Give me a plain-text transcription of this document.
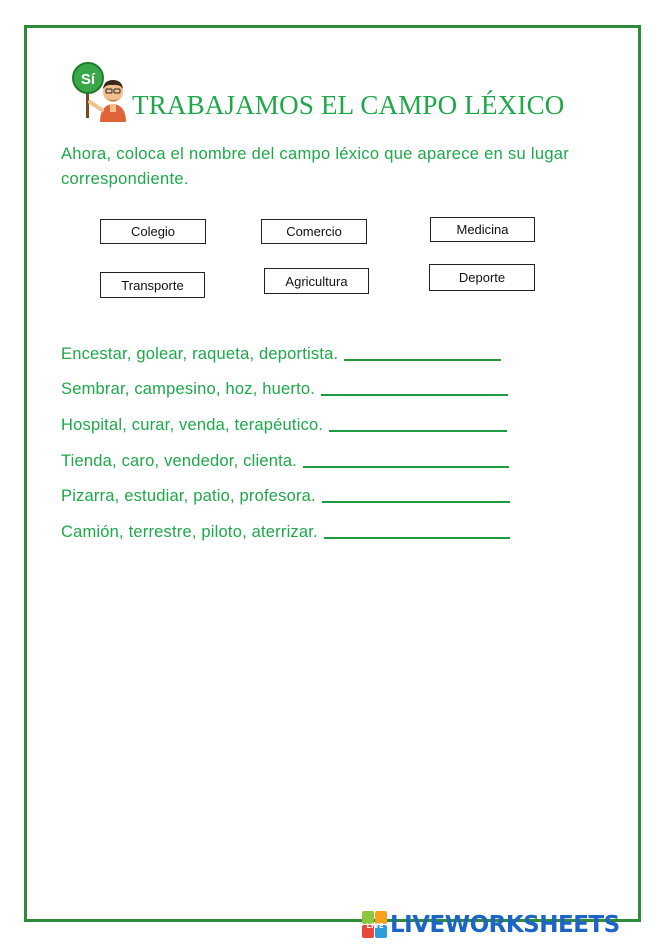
Sí
TRABAJAMOS EL CAMPO LÉXICO
Ahora, coloca el nombre del campo léxico que aparece en su lugar correspondiente.
Colegio	Comercio	Medicina
Transporte	Agricultura	Deporte
Encestar, golear, raqueta, deportista.
Sembrar, campesino, hoz, huerto.
Hospital, curar, venda, terapéutico.
Tienda, caro, vendedor, clienta.
Pizarra, estudiar, patio, profesora.
Camión, terrestre, piloto, aterrizar.
LIVE LIVEWORKSHEETS
